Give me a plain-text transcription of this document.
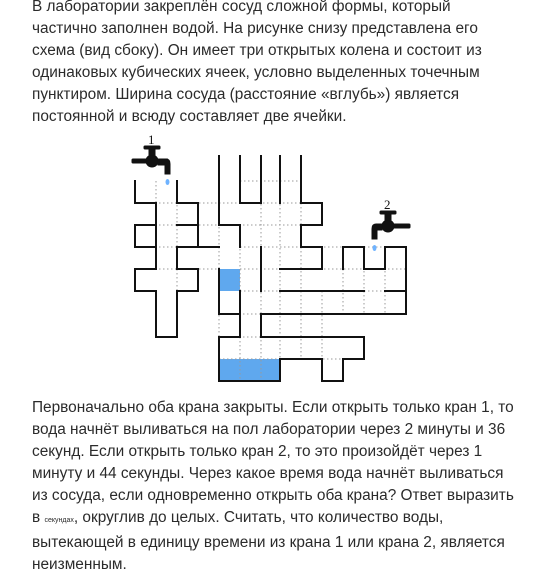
В лаборатории закреплён сосуд сложной формы, который частично заполнен водой. На рисунке снизу представлена его схема (вид сбоку). Он имеет три открытых колена и состоит из одинаковых кубических ячеек, условно выделенных точечным пунктиром. Ширина сосуда (расстояние «вглубь») является постоянной и всюду составляет две ячейки.

1
2

Первоначально оба крана закрыты. Если открыть только кран 1, то вода начнёт выливаться на пол лаборатории через 2 минуты и 36 секунд. Если открыть только кран 2, то это произойдёт через 1 минуту и 44 секунды. Через какое время вода начнёт выливаться из сосуда, если одновременно открыть оба крана? Ответ выразить в секундах, округлив до целых. Считать, что количество воды, вытекающей в единицу времени из крана 1 или крана 2, является неизменным.
